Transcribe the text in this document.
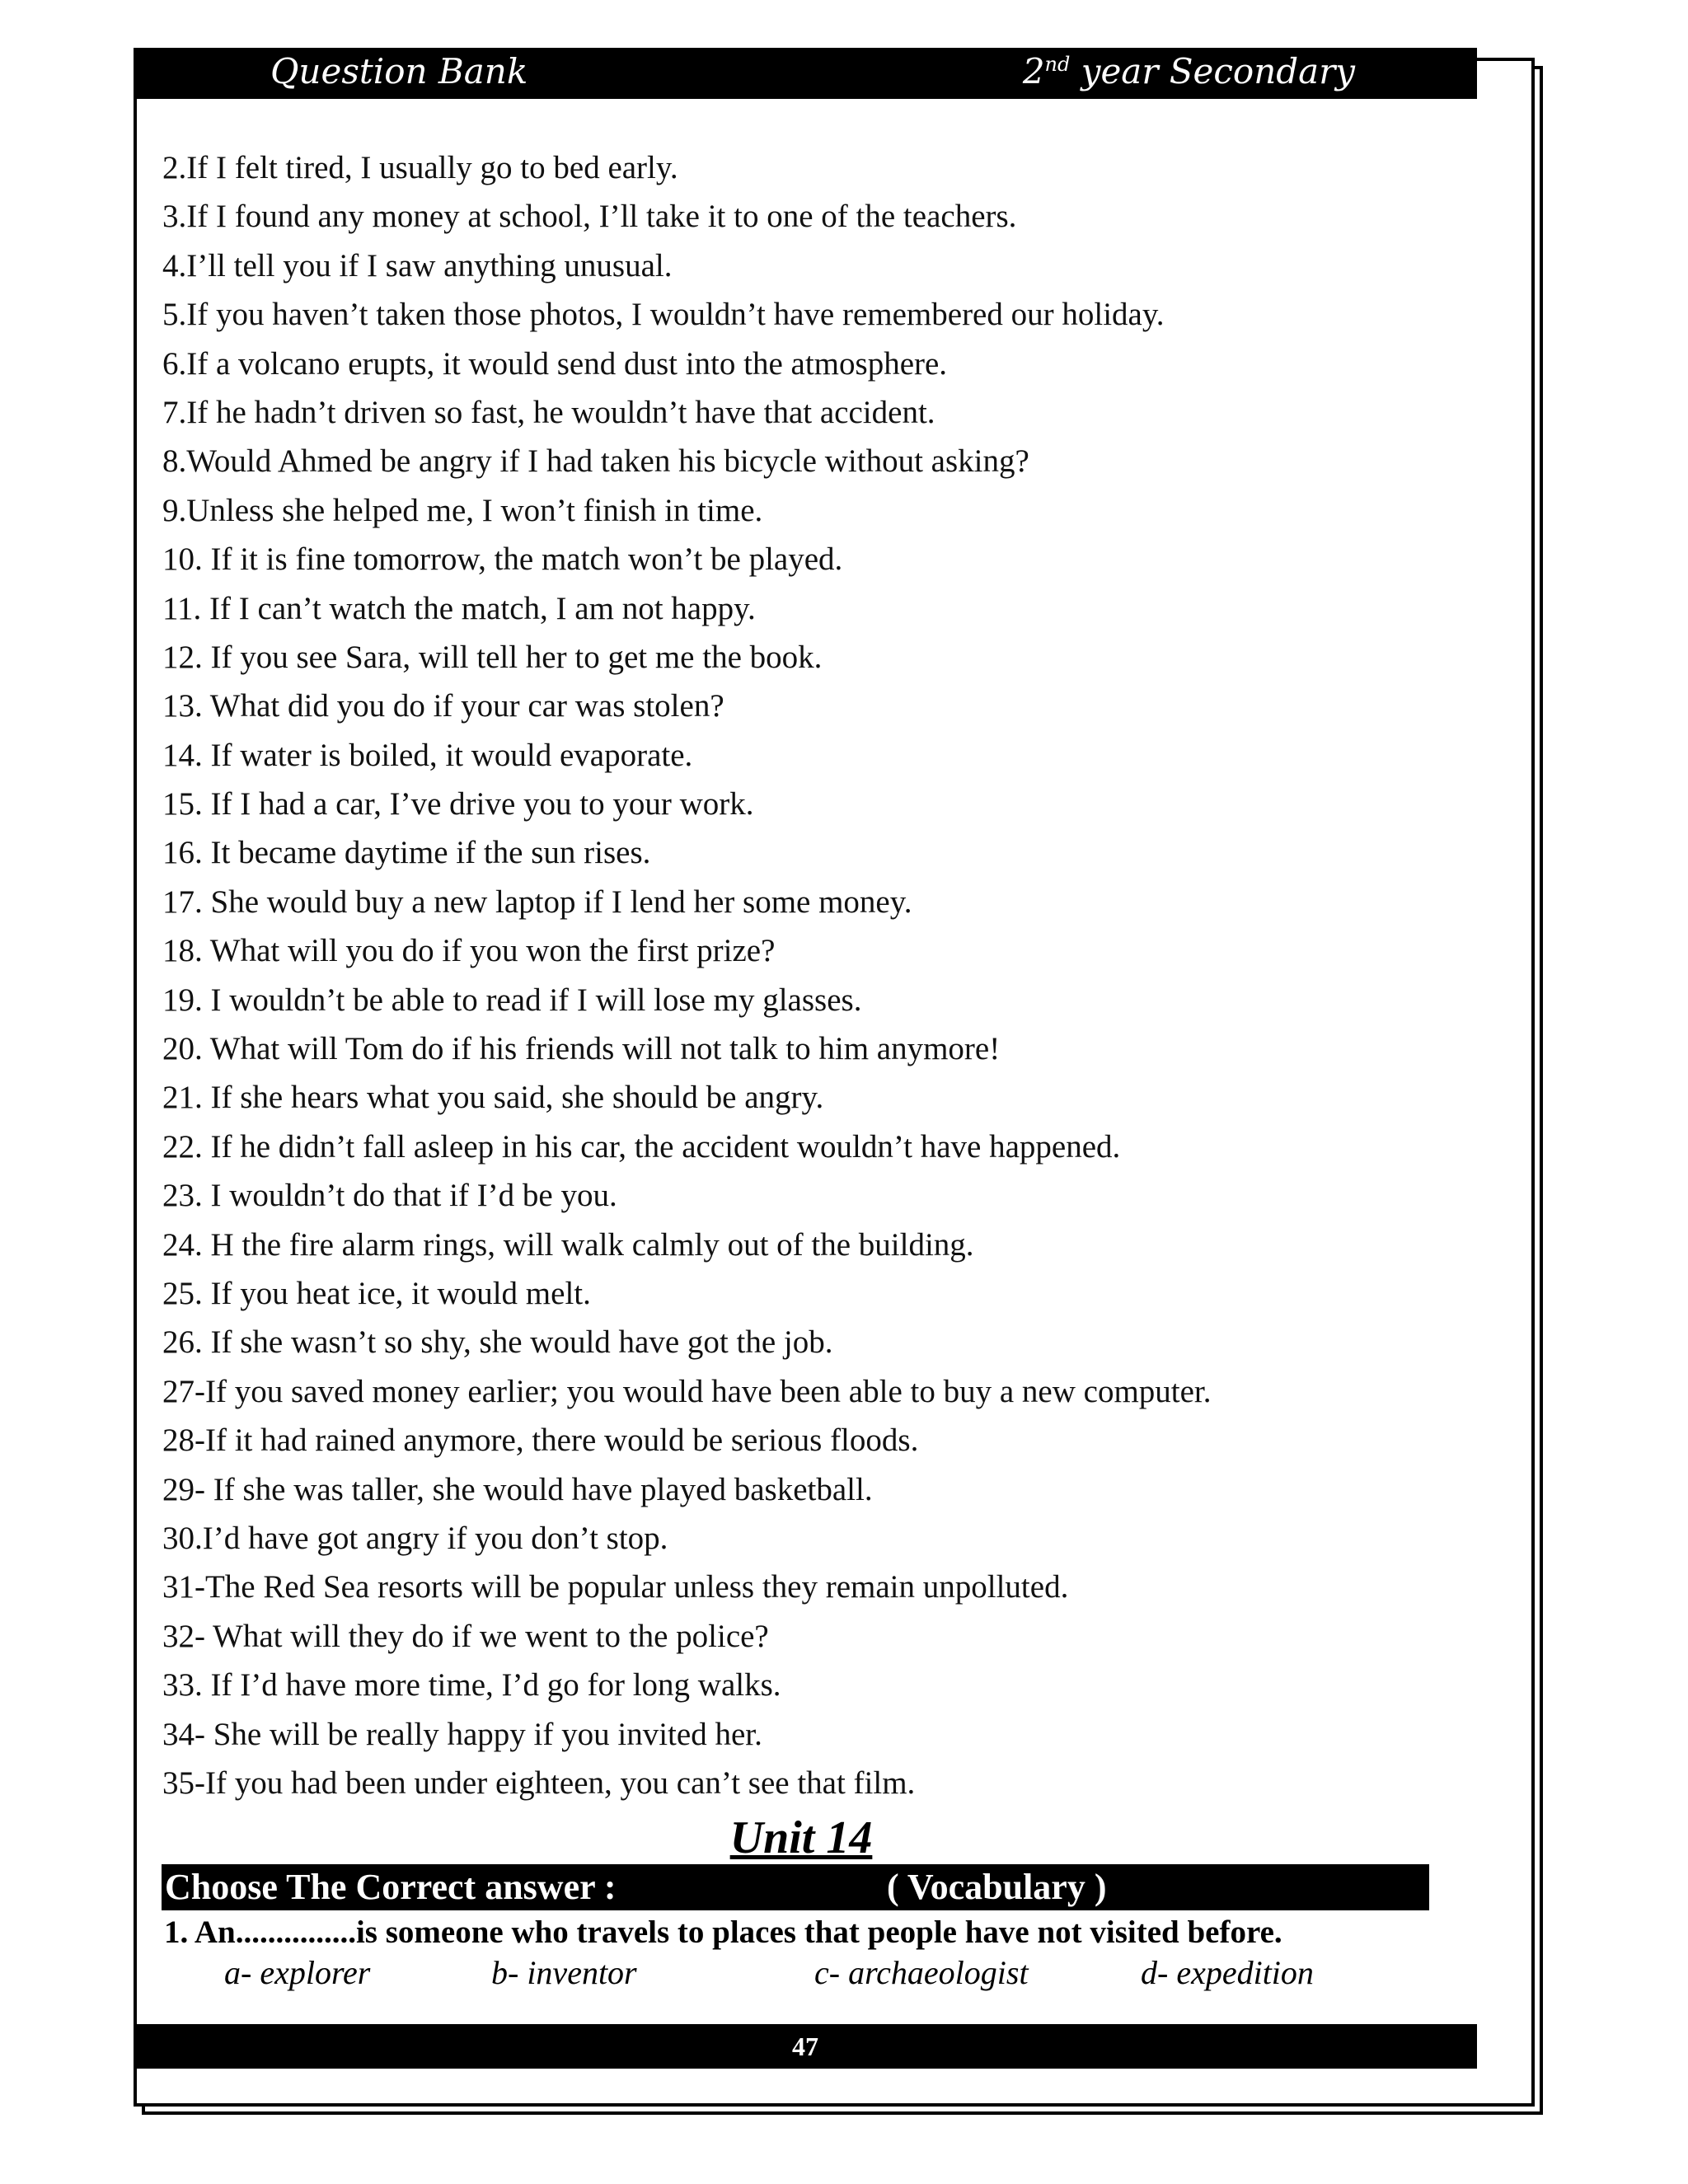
Question Bank	2nd year Secondary
2.If I felt tired, I usually go to bed early.
3.If I found any money at school, I’ll take it to one of the teachers.
4.I’ll tell you if I saw anything unusual.
5.If you haven’t taken those photos, I wouldn’t have remembered our holiday.
6.If a volcano erupts, it would send dust into the atmosphere.
7.If he hadn’t driven so fast, he wouldn’t have that accident.
8.Would Ahmed be angry if I had taken his bicycle without asking?
9.Unless she helped me, I won’t finish in time.
10. If it is fine tomorrow, the match won’t be played.
11. If I can’t watch the match, I am not happy.
12. If you see Sara, will tell her to get me the book.
13. What did you do if your car was stolen?
14. If water is boiled, it would evaporate.
15. If I had a car, I’ve drive you to your work.
16. It became daytime if the sun rises.
17. She would buy a new laptop if I lend her some money.
18. What will you do if you won the first prize?
19. I wouldn’t be able to read if I will lose my glasses.
20. What will Tom do if his friends will not talk to him anymore!
21. If she hears what you said, she should be angry.
22. If he didn’t fall asleep in his car, the accident wouldn’t have happened.
23. I wouldn’t do that if I’d be you.
24. H the fire alarm rings, will walk calmly out of the building.
25. If you heat ice, it would melt.
26. If she wasn’t so shy, she would have got the job.
27-If you saved money earlier; you would have been able to buy a new computer.
28-If it had rained anymore, there would be serious floods.
29- If she was taller, she would have played basketball.
30.I’d have got angry if you don’t stop.
31-The Red Sea resorts will be popular unless they remain unpolluted.
32- What will they do if we went to the police?
33. If I’d have more time, I’d go for long walks.
34- She will be really happy if you invited her.
35-If you had been under eighteen, you can’t see that film.
Unit 14
Choose The Correct answer :	( Vocabulary )
1. An...............is someone who travels to places that people have not visited before.
a- explorer	b- inventor	c- archaeologist	d- expedition
47
